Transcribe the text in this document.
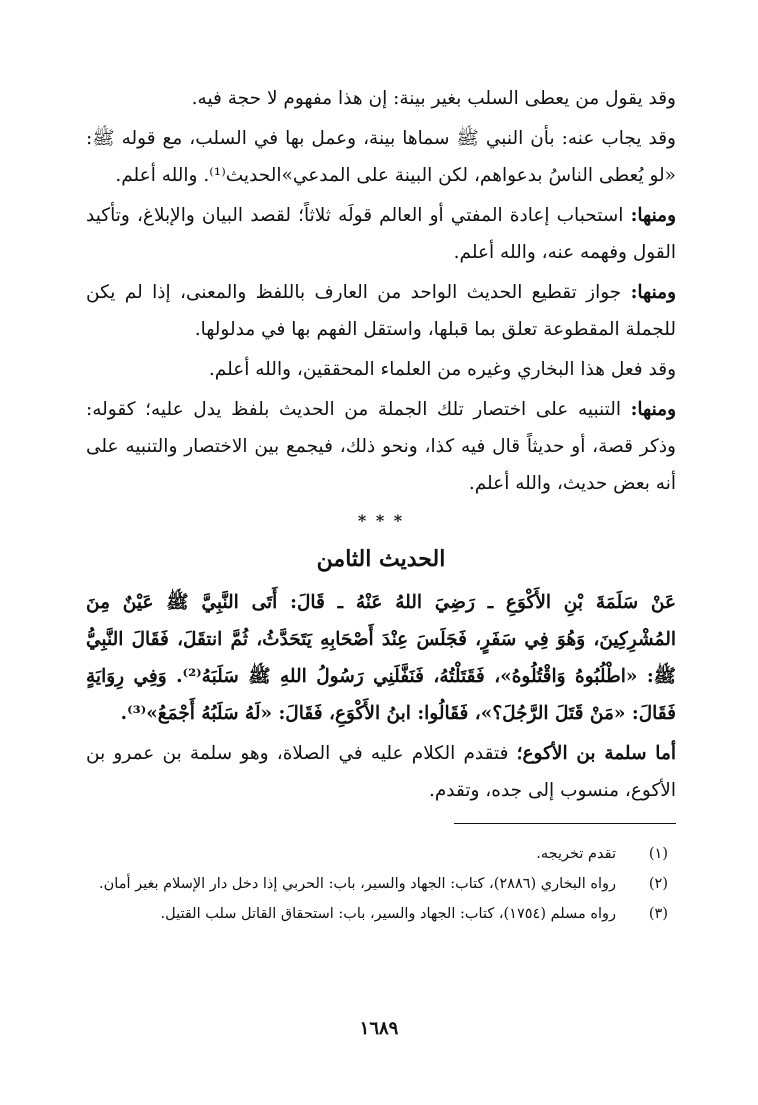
وقد يقول من يعطى السلب بغير بينة: إن هذا مفهوم لا حجة فيه.

وقد يجاب عنه: بأن النبي ﷺ سماها بينة، وعمل بها في السلب، مع قوله ﷺ: «لو يُعطى الناسُ بدعواهم، لكن البينة على المدعي»الحديث⁽¹⁾. والله أعلم.

ومنها: استحباب إعادة المفتي أو العالم قولَه ثلاثاً؛ لقصد البيان والإبلاغ، وتأكيد القول وفهمه عنه، والله أعلم.

ومنها: جواز تقطيع الحديث الواحد من العارف باللفظ والمعنى، إذا لم يكن للجملة المقطوعة تعلق بما قبلها، واستقل الفهم بها في مدلولها.

وقد فعل هذا البخاري وغيره من العلماء المحققين، والله أعلم.

ومنها: التنبيه على اختصار تلك الجملة من الحديث بلفظ يدل عليه؛ كقوله: وذكر قصة، أو حديثاً قال فيه كذا، ونحو ذلك، فيجمع بين الاختصار والتنبيه على أنه بعض حديث، والله أعلم.

* * *
الحديث الثامن

عَنْ سَلَمَةَ بْنِ الأَكْوَعِ ـ رَضِيَ اللهُ عَنْهُ ـ قَالَ: أَتَى النَّبِيَّ ﷺ عَيْنٌ مِنَ المُشْرِكِينَ، وَهُوَ فِي سَفَرٍ، فَجَلَسَ عِنْدَ أَصْحَابِهِ يَتَحَدَّثُ، ثُمَّ انتقَلَ، فَقَالَ النَّبِيُّ ﷺ: «اطْلُبُوهُ وَاقْتُلُوهُ»، فَقَتَلْتُهُ، فَنَفَّلَنِي رَسُولُ اللهِ ﷺ سَلَبَهُ⁽²⁾. وَفِي رِوَايَةٍ فَقَالَ: «مَنْ قَتَلَ الرَّجُلَ؟»، فَقَالُوا: ابنُ الأَكْوَعِ، فَقَالَ: «لَهُ سَلَبُهُ أَجْمَعُ»⁽³⁾.

أما سلمة بن الأكوع؛ فتقدم الكلام عليه في الصلاة، وهو سلمة بن عمرو بن الأكوع، منسوب إلى جده، وتقدم.

(١)
تقدم تخريجه.
(٢)
رواه البخاري (٢٨٨٦)، كتاب: الجهاد والسير، باب: الحربي إذا دخل دار الإسلام بغير أمان.
(٣)
رواه مسلم (١٧٥٤)، كتاب: الجهاد والسير، باب: استحقاق القاتل سلب القتيل.
١٦٨٩
